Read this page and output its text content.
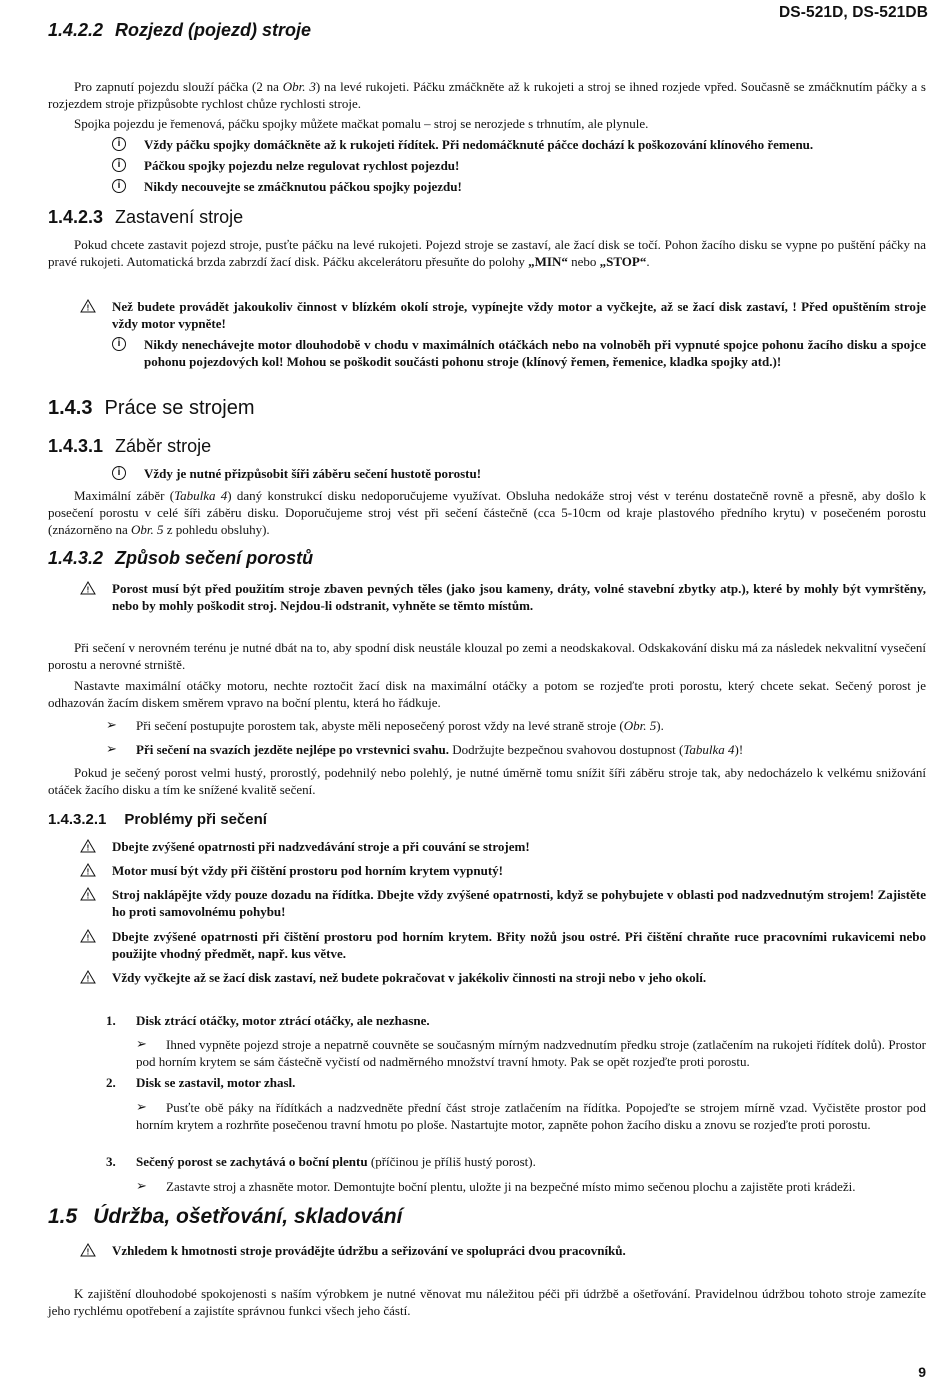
DS-521D, DS-521DB
1.4.2.2 Rozjezd (pojezd) stroje

Pro zapnutí pojezdu slouží páčka (2 na Obr. 3) na levé rukojeti. Páčku zmáčkněte až k rukojeti a stroj se ihned rozjede vpřed. Současně se zmáčknutím páčky a s rozjezdem stroje přizpůsobte rychlost chůze rychlosti stroje.

Spojka pojezdu je řemenová, páčku spojky můžete mačkat pomalu – stroj se nerozjede s trhnutím, ale plynule.

i	Vždy páčku spojky domáčkněte až k rukojeti řídítek. Při nedomáčknuté páčce dochází k poškozování klínového řemenu.

i	Páčkou spojky pojezdu nelze regulovat rychlost pojezdu!

i	Nikdy necouvejte se zmáčknutou páčkou spojky pojezdu!

1.4.2.3 Zastavení stroje

Pokud chcete zastavit pojezd stroje, pusťte páčku na levé rukojeti. Pojezd stroje se zastaví, ale žací disk se točí. Pohon žacího disku se vypne po puštění páčky na pravé rukojeti. Automatická brzda zabrzdí žací disk. Páčku akcelerátoru přesuňte do polohy „MIN“ nebo „STOP“.

! Než budete provádět jakoukoliv činnost v blízkém okolí stroje, vypínejte vždy motor a vyčkejte, až se žací disk zastaví, ! Před opuštěním stroje vždy motor vypněte!

i	Nikdy nenechávejte motor dlouhodobě v chodu v maximálních otáčkách nebo na volnoběh při vypnuté spojce pohonu žacího disku a spojce pohonu pojezdových kol! Mohou se poškodit součásti pohonu stroje (klínový řemen, řemenice, kladka spojky atd.)!

1.4.3 Práce se strojem
1.4.3.1 Záběr stroje

i	Vždy je nutné přizpůsobit šíři záběru sečení hustotě porostu!

Maximální záběr (Tabulka 4) daný konstrukcí disku nedoporučujeme využívat. Obsluha nedokáže stroj vést v terénu dostatečně rovně a přesně, aby došlo k posečení porostu v celé šíři záběru disku. Doporučujeme stroj vést při sečení částečně (cca 5-10cm od kraje plastového předního krytu) v posečeném porostu (znázorněno na Obr. 5 z pohledu obsluhy).

1.4.3.2 Způsob sečení porostů

! Porost musí být před použitím stroje zbaven pevných těles (jako jsou kameny, dráty, volné stavební zbytky atp.), které by mohly být vymrštěny, nebo by mohly poškodit stroj. Nejdou-li odstranit, vyhněte se těmto místům.

Při sečení v nerovném terénu je nutné dbát na to, aby spodní disk neustále klouzal po zemi a neodskakoval. Odskakování disku má za následek nekvalitní vysečení porostu a nerovné strniště.

Nastavte maximální otáčky motoru, nechte roztočit žací disk na maximální otáčky a potom se rozjeďte proti porostu, který chcete sekat. Sečený porost je odhazován žacím diskem směrem vpravo na boční plentu, která ho řádkuje.

➢ Při sečení postupujte porostem tak, abyste měli neposečený porost vždy na levé straně stroje (Obr. 5).

➢ Při sečení na svazích jezděte nejlépe po vrstevnici svahu. Dodržujte bezpečnou svahovou dostupnost (Tabulka 4)!

Pokud je sečený porost velmi hustý, prorostlý, podehnilý nebo polehlý, je nutné úměrně tomu snížit šíři záběru stroje tak, aby nedocházelo k velkému snižování otáček žacího disku a tím ke snížené kvalitě sečení.

1.4.3.2.1 Problémy při sečení

! Dbejte zvýšené opatrnosti při nadzvedávání stroje a při couvání se strojem!

! Motor musí být vždy při čištění prostoru pod horním krytem vypnutý!

! Stroj naklápějte vždy pouze dozadu na řídítka. Dbejte vždy zvýšené opatrnosti, když se pohybujete v oblasti pod nadzvednutým strojem! Zajistěte ho proti samovolnému pohybu!

! Dbejte zvýšené opatrnosti při čištění prostoru pod horním krytem. Břity nožů jsou ostré. Při čištění chraňte ruce pracovními rukavicemi nebo použijte vhodný předmět, např. kus větve.

! Vždy vyčkejte až se žací disk zastaví, než budete pokračovat v jakékoliv činnosti na stroji nebo v jeho okolí.

1. Disk ztrácí otáčky, motor ztrácí otáčky, ale nezhasne.

➢ Ihned vypněte pojezd stroje a nepatrně couvněte se současným mírným nadzvednutím předku stroje (zatlačením na rukojeti řídítek dolů). Prostor pod horním krytem se sám částečně vyčistí od nadměrného množství travní hmoty. Pak se opět rozjeďte proti porostu.

2. Disk se zastavil, motor zhasl.

➢ Pusťte obě páky na řídítkách a nadzvedněte přední část stroje zatlačením na řídítka. Popojeďte se strojem mírně vzad. Vyčistěte prostor pod horním krytem a rozhrňte posečenou travní hmotu po ploše. Nastartujte motor, zapněte pohon žacího disku a znovu se rozjeďte proti porostu.

3. Sečený porost se zachytává o boční plentu (příčinou je příliš hustý porost).

➢ Zastavte stroj a zhasněte motor. Demontujte boční plentu, uložte ji na bezpečné místo mimo sečenou plochu a zajistěte proti krádeži.

1.5 Údržba, ošetřování, skladování

! Vzhledem k hmotnosti stroje provádějte údržbu a seřizování ve spolupráci dvou pracovníků.

K zajištění dlouhodobé spokojenosti s naším výrobkem je nutné věnovat mu náležitou péči při údržbě a ošetřování. Pravidelnou údržbou tohoto stroje zamezíte jeho rychlému opotřebení a zajistíte správnou funkci všech jeho částí.

9
